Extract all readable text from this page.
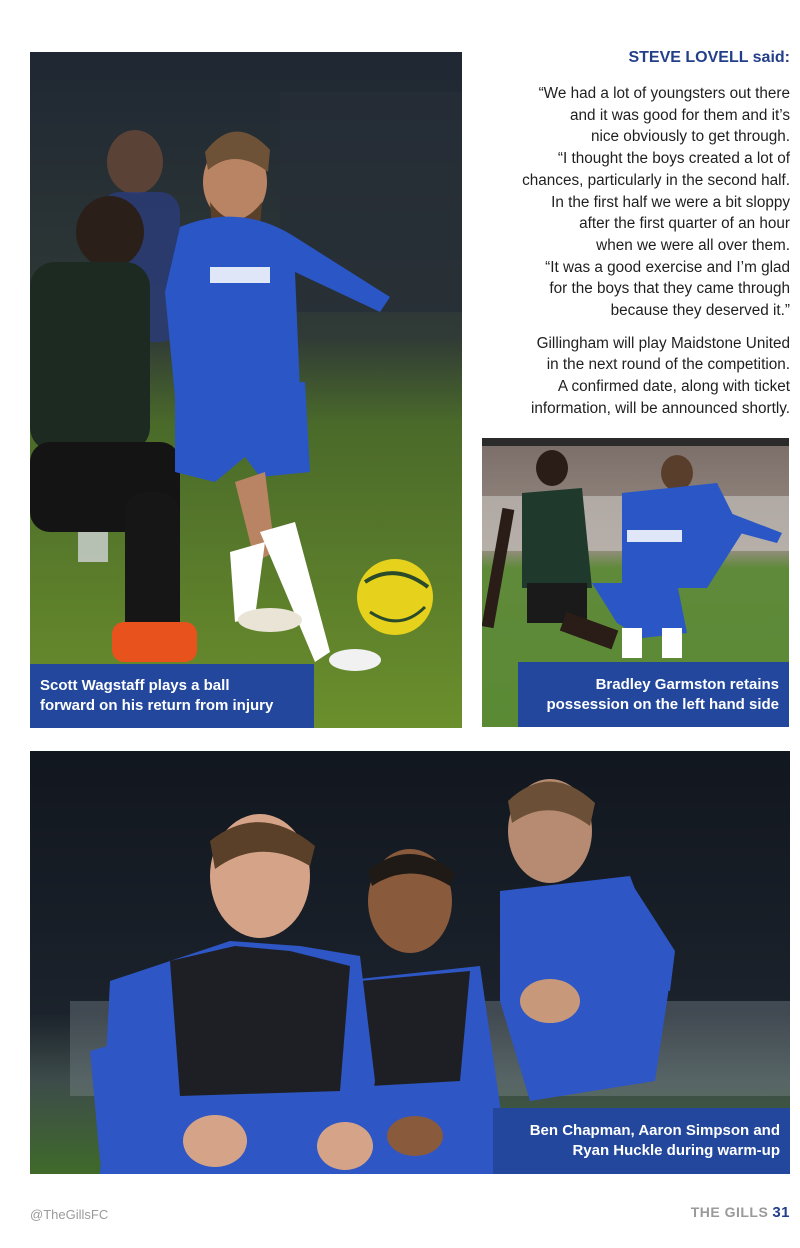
Scott Wagstaff plays a ball
forward on his return from injury
STEVE LOVELL said:
“We had a lot of youngsters out there
and it was good for them and it’s
nice obviously to get through.
“I thought the boys created a lot of
chances, particularly in the second half.
In the first half we were a bit sloppy
after the first quarter of an hour
when we were all over them.
“It was a good exercise and I’m glad
for the boys that they came through
because they deserved it.”
Gillingham will play Maidstone United
in the next round of the competition.
A confirmed date, along with ticket
information, will be announced shortly.
Bradley Garmston retains
possession on the left hand side
Ben Chapman, Aaron Simpson and
Ryan Huckle during warm-up
@TheGillsFC	THE GILLS 31
